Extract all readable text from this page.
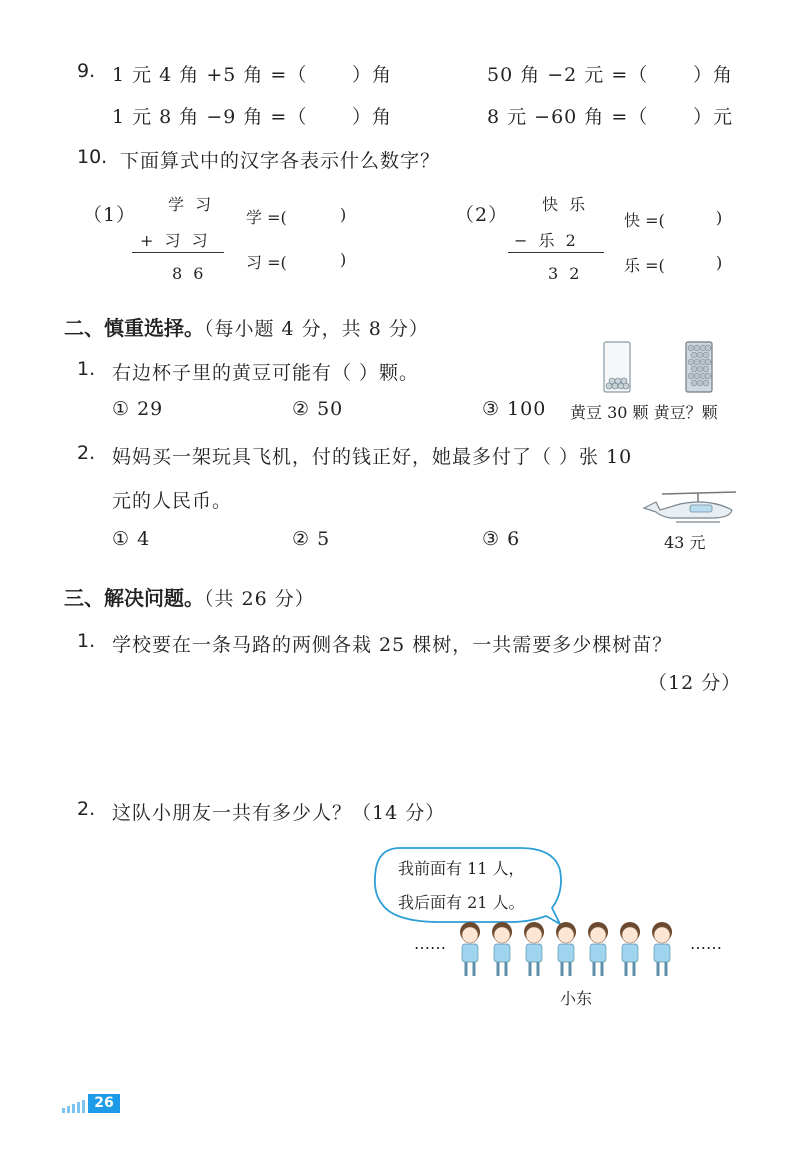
9. 1 元 4 角 +5 角 =（ ）角	50 角 −2 元 =（ ）角
1 元 8 角 −9 角 =（ ）角	8 元 −60 角 =（ ）元
10. 下面算式中的汉字各表示什么数字？
（1） 学 习
+ 习 习
8 6
学 =(	)
习 =(	)
（2） 快 乐
− 乐 2
3 2
快 =(	)
乐 =(	)
二、慎重选择。（每小题 4 分，共 8 分）
1. 右边杯子里的黄豆可能有（ ）颗。
① 29	② 50	③ 100 黄豆 30 颗 黄豆？颗
2. 妈妈买一架玩具飞机，付的钱正好，她最多付了（ ）张 10
元的人民币。
① 4	② 5	③ 6	43 元
三、解决问题。（共 26 分）
1. 学校要在一条马路的两侧各栽 25 棵树，一共需要多少棵树苗？
（12 分）
2. 这队小朋友一共有多少人？（14 分）
我前面有 11 人，
我后面有 21 人。
……	……
小东
26
